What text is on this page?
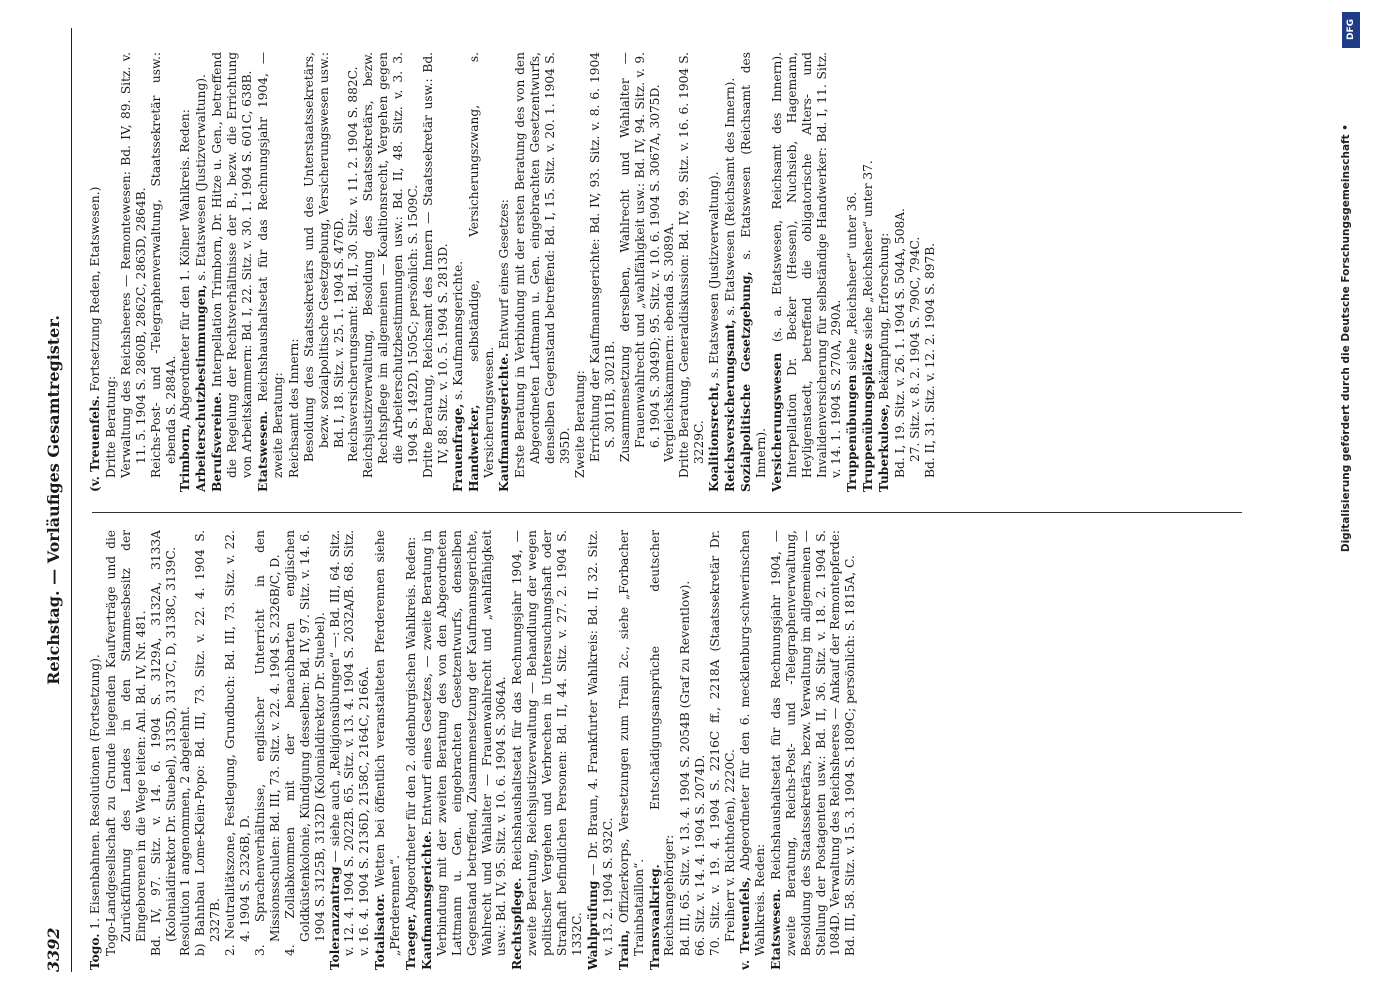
3392
Reichstag. — Vorläufiges Gesamtregister.
Togo. 1. Eisenbahnen. Resolutionen (Fortsetzung). Togo-Landgesellschaft zu Grunde liegenden Kaufverträge und die Zurückführung des Landes in den Stammesbesitz der Eingeborenen in die Wege leiten: Anl. Bd. IV, Nr. 481. Bd. IV, 97. Sitz. v. 14. 6. 1904 S. 3129A, 3132A, 3133A (Kolonialdirektor Dr. Stuebel), 3135D, 3137C, D, 3138C, 3139C. Resolution 1 angenommen, 2 abgelehnt. b) Bahnbau Lome-Klein-Popo: Bd. III, 73. Sitz. v. 22. 4. 1904 S. 2327B. 2. Neutralitätszone, Festlegung, Grundbuch: Bd. III, 73. Sitz. v. 22. 4. 1904 S. 2326B, D. 3. Sprachenverhältnisse, englischer Unterricht in den Missionsschulen: Bd. III, 73. Sitz. v. 22. 4. 1904 S. 2326B/C, D. 4. Zollabkommen mit der benachbarten englischen Goldküstenkolonie, Kündigung desselben: Bd. IV, 97. Sitz. v. 14. 6. 1904 S. 3125B, 3132D (Kolonialdirektor Dr. Stuebel). Toleranzantrag — siehe auch „Religionsübungen“ —: Bd. III, 64. Sitz. v. 12. 4. 1904 S. 2022B. 65. Sitz. v. 13. 4. 1904 S. 2032A/B. 68. Sitz. v. 16. 4. 1904 S. 2136D, 2158C, 2164C, 2166A. Totalisator. Wetten bei öffentlich veranstalteten Pferderennen siehe „Pferderennen“. Traeger, Abgeordneter für den 2. oldenburgischen Wahlkreis. Reden: Kaufmannsgerichte. Entwurf eines Gesetzes, — zweite Beratung in Verbindung mit der zweiten Beratung des von den Abgeordneten Lattmann u. Gen. eingebrachten Gesetzentwurfs, denselben Gegenstand betreffend, Zusammensetzung der Kaufmannsgerichte, Wahlrecht und Wahlalter — Frauenwahlrecht und „wahlfähigkeit usw.: Bd. IV, 95. Sitz. v. 10. 6. 1904 S. 3064A. Rechtspflege. Reichshaushaltsetat für das Rechnungsjahr 1904, — zweite Beratung, Reichsjustizverwaltung — Behandlung der wegen politischer Vergehen und Verbrechen in Untersuchungshaft oder Strafhaft befindlichen Personen: Bd. II, 44. Sitz. v. 27. 2. 1904 S. 1332C. Wahlprüfung — Dr. Braun, 4. Frankfurter Wahlkreis: Bd. II, 32. Sitz. v. 13. 2. 1904 S. 932C. Train, Offizierkorps, Versetzungen zum Train 2c., siehe „Forbacher Trainbataillon“. Transvaalkrieg. Entschädigungsansprüche deutscher Reichsangehöriger: Bd. III, 65. Sitz. v. 13. 4. 1904 S. 2054B (Graf zu Reventlow). 66. Sitz. v. 14. 4. 1904 S. 2074D. 70. Sitz. v. 19. 4. 1904 S. 2216C ff., 2218A (Staatssekretär Dr. Freiherr v. Richthofen), 2220C. v. Treuenfels, Abgeordneter für den 6. mecklenburg-schwerinschen Wahlkreis. Reden: Etatswesen. Reichshaushaltsetat für das Rechnungsjahr 1904, — zweite Beratung, Reichs-Post- und -Telegraphenverwaltung, Besoldung des Staatssekretärs, bezw. Verwaltung im allgemeinen — Stellung der Postagenten usw.: Bd. II, 36. Sitz. v. 18. 2. 1904 S. 1084D. Verwaltung des Reichsheeres — Ankauf der Remontepferde: Bd. III, 58. Sitz. v. 15. 3. 1904 S. 1809C; persönlich: S. 1815A, C.
(v. Treuenfels. Fortsetzung Reden, Etatswesen.)
Dritte Beratung: Verwaltung des Reichsheeres — Remontewesen: Bd. IV, 89. Sitz. v. 11. 5. 1904 S. 2860B, 2862C, 2863D, 2864B. Reichs-Post- und -Telegraphenverwaltung, Staatssekretär usw.: ebenda S. 2884A. Trimborn, Abgeordneter für den 1. Kölner Wahlkreis. Reden: Arbeiterschutzbestimmungen, s. Etatswesen (Justizverwaltung).
Berufsvereine. Interpellation Trimborn, Dr. Hitze u. Gen., betreffend die Regelung der Rechtsverhältnisse der B., bezw. die Errichtung von Arbeitskammern: Bd. I, 22. Sitz. v. 30. 1. 1904 S. 601C, 638B. Etatswesen. Reichshaushaltsetat für das Rechnungsjahr 1904, — zweite Beratung: Reichsamt des Innern: Besoldung des Staatssekretärs und des Unterstaatssekretärs, bezw. sozialpolitische Gesetzgebung, Versicherungswesen usw.: Bd. I, 18. Sitz. v. 25. 1. 1904 S. 476D. Reichsversicherungsamt: Bd. II, 30. Sitz. v. 11. 2. 1904 S. 882C. Reichsjustizverwaltung, Besoldung des Staatssekretärs, bezw. Rechtspflege im allgemeinen — Koalitionsrecht, Vergehen gegen die Arbeiterschutzbestimmungen usw.: Bd. II, 48. Sitz. v. 3. 3. 1904 S. 1492D, 1505C; persönlich: S. 1509C. Dritte Beratung, Reichsamt des Innern — Staatssekretär usw.: Bd. IV, 88. Sitz. v. 10. 5. 1904 S. 2813D. Frauenfrage, s. Kaufmannsgerichte.
Handwerker, selbständige, Versicherungszwang, s. Versicherungswesen. Kaufmannsgerichte. Entwurf eines Gesetzes: Erste Beratung in Verbindung mit der ersten Beratung des von den Abgeordneten Lattmann u. Gen. eingebrachten Gesetzentwurfs, denselben Gegenstand betreffend: Bd. I, 15. Sitz. v. 20. 1. 1904 S. 395D. Zweite Beratung: Errichtung der Kaufmannsgerichte: Bd. IV, 93. Sitz. v. 8. 6. 1904 S. 3011B, 3021B. Zusammensetzung derselben, Wahlrecht und Wahlalter — Frauenwahlrecht und „wahlfähigkeit usw.: Bd. IV, 94. Sitz. v. 9. 6. 1904 S. 3049D; 95. Sitz. v. 10. 6. 1904 S. 3067A, 3075D. Vergleichskammern: ebenda S. 3089A. Dritte Beratung, Generaldiskussion: Bd. IV, 99. Sitz. v. 16. 6. 1904 S. 3229C. Koalitionsrecht, s. Etatswesen (Justizverwaltung).
Reichsversicherungsamt, s. Etatswesen (Reichsamt des Innern).
Sozialpolitische Gesetzgebung, s. Etatswesen (Reichsamt des Innern). Versicherungswesen (s. a. Etatswesen, Reichsamt des Innern). Interpellation Dr. Becker (Hessen), Nuchsieb, Hagemann, Heyligenstaedt, betreffend die obligatorische Alters- und Invalidenversicherung für selbständige Handwerker: Bd. I, 11. Sitz. v. 14. 1. 1904 S. 270A, 290A. Truppenübungen siehe „Reichsheer“ unter 36.
Truppenübungsplätze siehe „Reichsheer“ unter 37.
Tuberkulose, Bekämpfung, Erforschung: Bd. I, 19. Sitz. v. 26. 1. 1904 S. 504A, 508A. 27. Sitz. v. 8. 2. 1904 S. 790C, 794C. Bd. II, 31. Sitz. v. 12. 2. 1904 S. 897B.
DFG
Digitalisierung gefördert durch die Deutsche Forschungsgemeinschaft •
